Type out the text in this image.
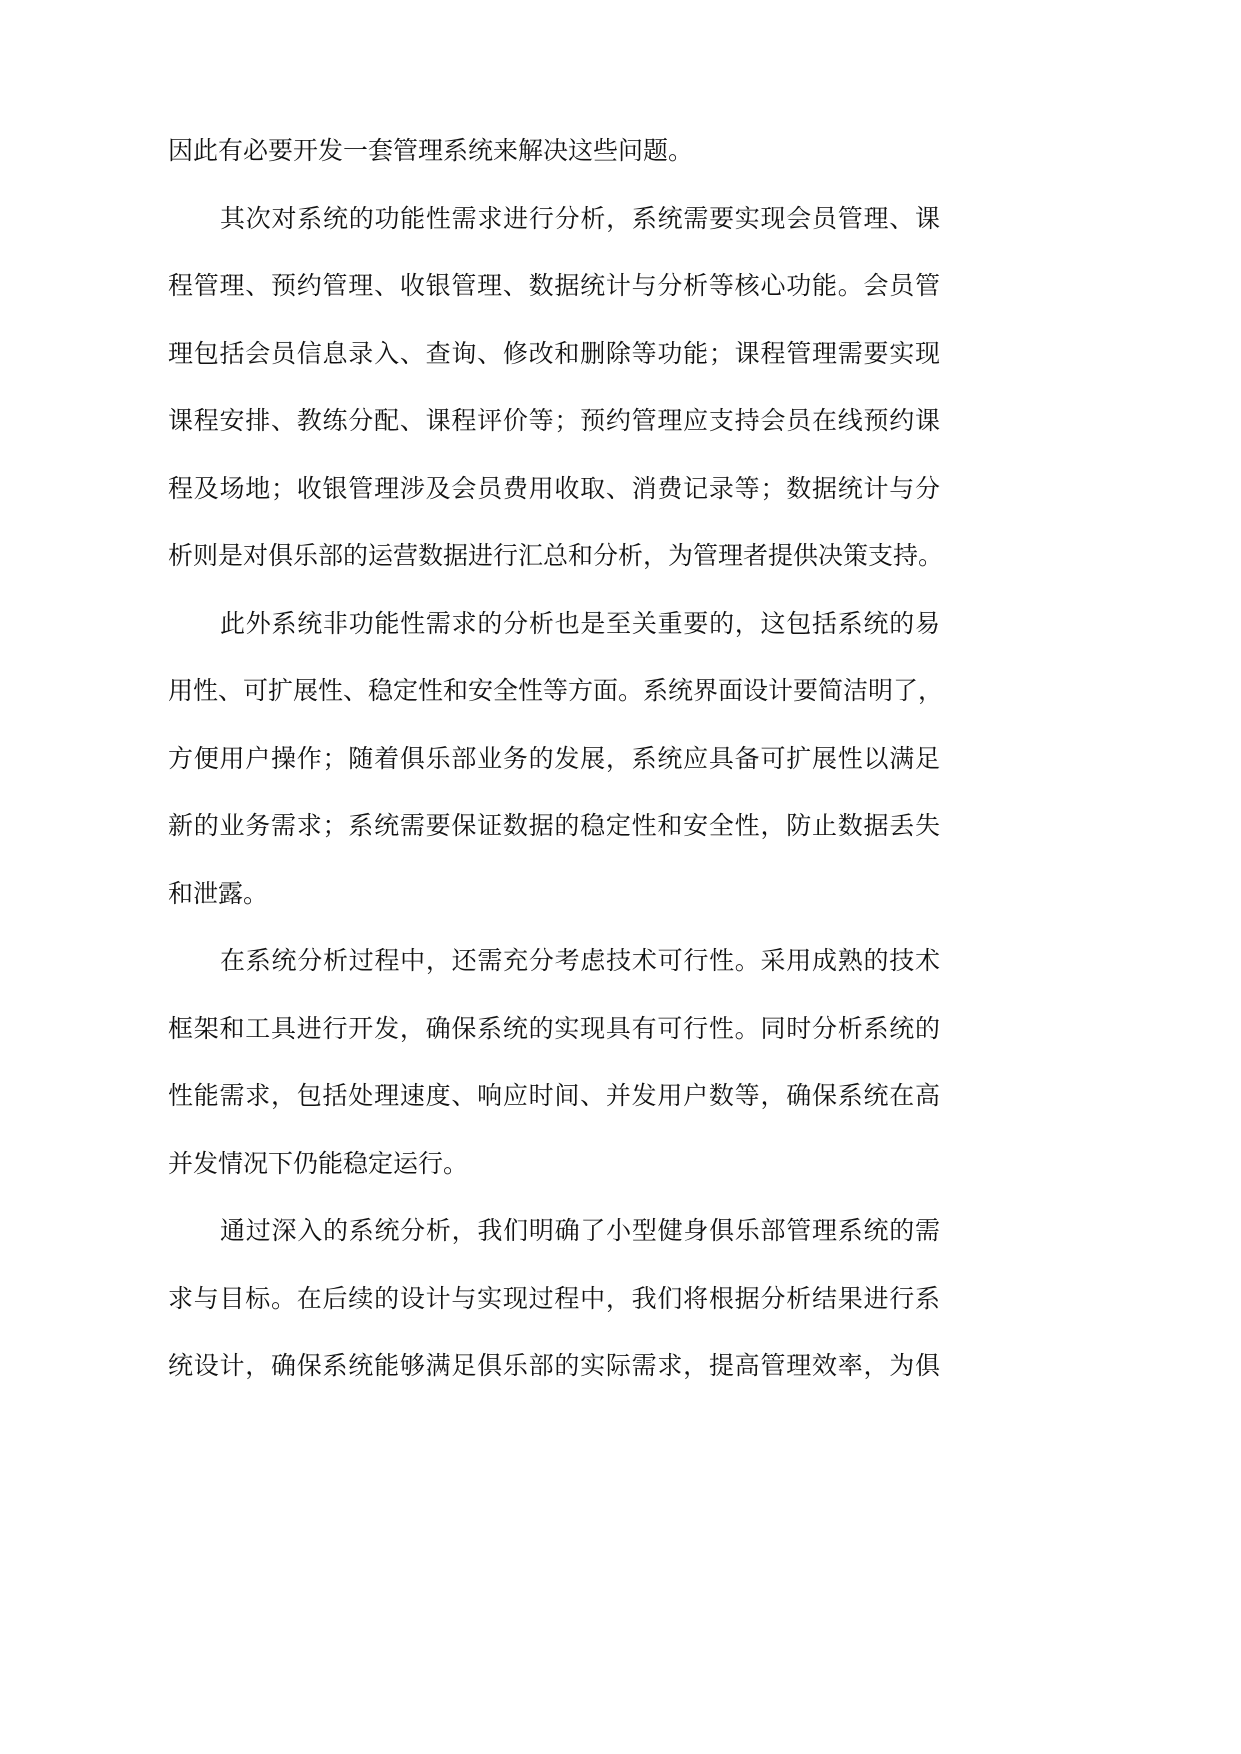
因此有必要开发一套管理系统来解决这些问题。
其次对系统的功能性需求进行分析，系统需要实现会员管理、课
程管理、预约管理、收银管理、数据统计与分析等核心功能。会员管
理包括会员信息录入、查询、修改和删除等功能；课程管理需要实现
课程安排、教练分配、课程评价等；预约管理应支持会员在线预约课
程及场地；收银管理涉及会员费用收取、消费记录等；数据统计与分
析则是对俱乐部的运营数据进行汇总和分析，为管理者提供决策支持。
此外系统非功能性需求的分析也是至关重要的，这包括系统的易
用性、可扩展性、稳定性和安全性等方面。系统界面设计要简洁明了，
方便用户操作；随着俱乐部业务的发展，系统应具备可扩展性以满足
新的业务需求；系统需要保证数据的稳定性和安全性，防止数据丢失
和泄露。
在系统分析过程中，还需充分考虑技术可行性。采用成熟的技术
框架和工具进行开发，确保系统的实现具有可行性。同时分析系统的
性能需求，包括处理速度、响应时间、并发用户数等，确保系统在高
并发情况下仍能稳定运行。
通过深入的系统分析，我们明确了小型健身俱乐部管理系统的需
求与目标。在后续的设计与实现过程中，我们将根据分析结果进行系
统设计，确保系统能够满足俱乐部的实际需求，提高管理效率，为俱
